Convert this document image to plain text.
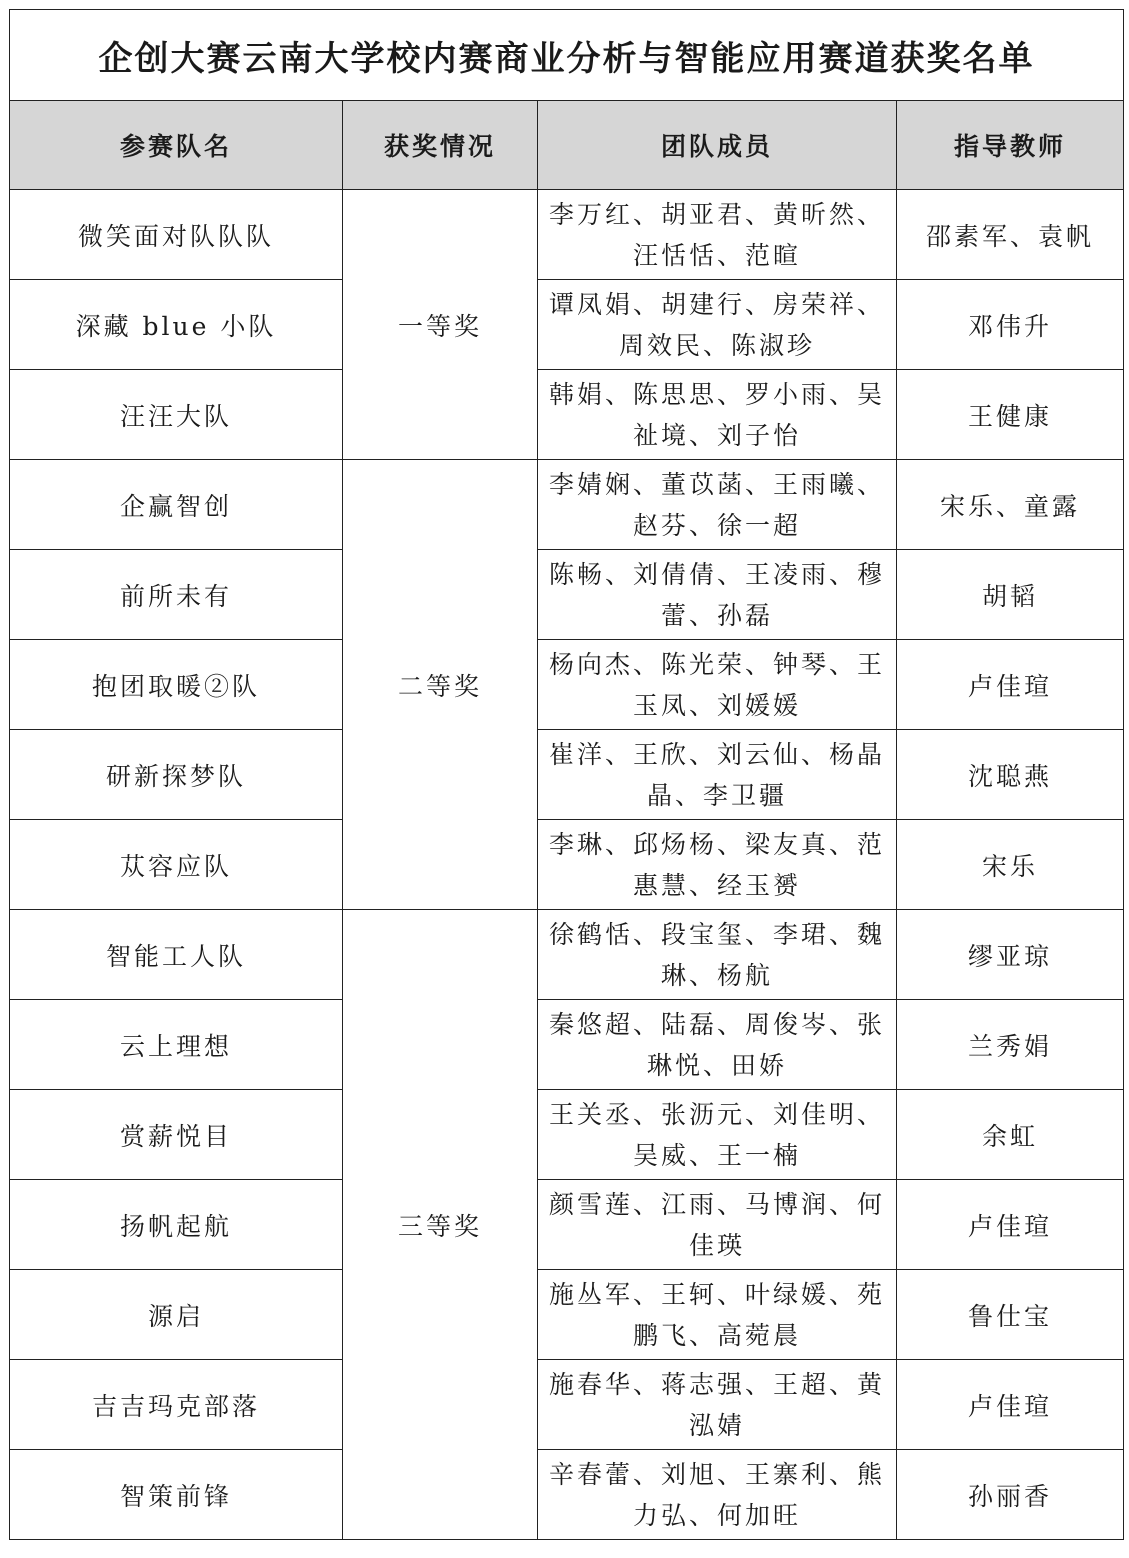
企创大赛云南大学校内赛商业分析与智能应用赛道获奖名单			
参赛队名	获奖情况	团队成员	指导教师
微笑面对队队队	一等奖	李万红、胡亚君、黄昕然、汪恬恬、范暄	邵素军、袁帆
深藏 blue 小队		谭凤娟、胡建行、房荣祥、周效民、陈淑珍	邓伟升
汪汪大队		韩娟、陈思思、罗小雨、吴祉境、刘子怡	王健康
企赢智创	二等奖	李婧娴、董苡菡、王雨曦、赵芬、徐一超	宋乐、童露
前所未有		陈畅、刘倩倩、王凌雨、穆蕾、孙磊	胡韬
抱团取暖②队		杨向杰、陈光荣、钟琴、王玉凤、刘媛媛	卢佳瑄
研新探梦队		崔洋、王欣、刘云仙、杨晶晶、李卫疆	沈聪燕
苁容应队		李琳、邱炀杨、梁友真、范惠慧、经玉赟	宋乐
智能工人队	三等奖	徐鹤恬、段宝玺、李珺、魏琳、杨航	缪亚琼
云上理想		秦悠超、陆磊、周俊岑、张琳悦、田娇	兰秀娟
赏薪悦目		王关丞、张沥元、刘佳明、吴威、王一楠	余虹
扬帆起航		颜雪莲、江雨、马博润、何佳瑛	卢佳瑄
源启		施丛军、王轲、叶绿媛、苑鹏飞、高菀晨	鲁仕宝
吉吉玛克部落		施春华、蒋志强、王超、黄泓婧	卢佳瑄
智策前锋		辛春蕾、刘旭、王寨利、熊力弘、何加旺	孙丽香
